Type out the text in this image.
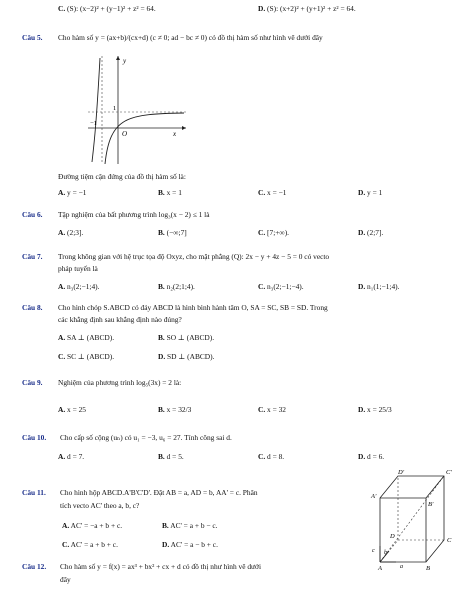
C. (S): (x−2)² + (y−1)² + z² = 64.	D. (S): (x+2)² + (y+1)² + z² = 64.
Câu 5. Cho hàm số y = (ax+b)/(cx+d) (c ≠ 0; ad − bc ≠ 0) có đồ thị hàm số như hình vẽ dưới đây
y
x
O
1
−1
Đường tiệm cận đứng của đồ thị hàm số là:
A. y = −1	B. x = 1	C. x = −1	D. y = 1
Câu 6. Tập nghiệm của bất phương trình log₃(x − 2) ≤ 1 là
A. (2;3].	B. (−∞;7]	C. [7;+∞).	D. (2;7].
Câu 7. Trong không gian với hệ trục tọa độ Oxyz, cho mặt phẳng (Q): 2x − y + 4z − 5 = 0 có vecto
pháp tuyến là
A. n₃(2;−1;4).	B. n₂(2;1;4).	C. n₃(2;−1;−4).	D. n₁(1;−1;4).
Câu 8. Cho hình chóp S.ABCD có đáy ABCD là hình bình hành tâm O, SA = SC, SB = SD. Trong
các khẳng định sau khẳng định nào đúng?
A. SA ⊥ (ABCD).	B. SO ⊥ (ABCD).
C. SC ⊥ (ABCD).	D. SD ⊥ (ABCD).
Câu 9. Nghiệm của phương trình log₅(3x) = 2 là:
A. x = 25	B. x = 32/3	C. x = 32	D. x = 25/3
Câu 10. Cho cấp số cộng (uₙ) có u₁ = −3, u₆ = 27. Tính công sai d.
A. d = 7.	B. d = 5.	C. d = 8.	D. d = 6.
Câu 11. Cho hình hộp ABCD.A'B'C'D'. Đặt AB = a, AD = b, AA' = c. Phân
tích vecto AC' theo a, b, c?
A. AC' = −a + b + c.	B. AC' = a + b − c.
C. AC' = a + b + c.	D. AC' = a − b + c.
D'	C'
A'
B'
D
C
A	B
c b
a
Câu 12. Cho hàm số y = f(x) = ax³ + bx² + cx + d có đồ thị như hình vẽ dưới
đây
